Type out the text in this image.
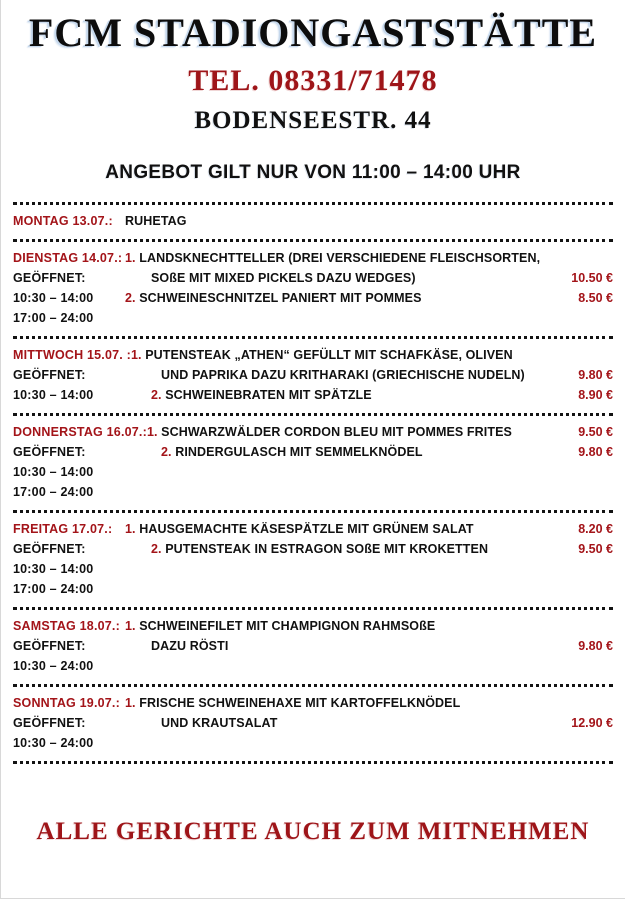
FCM STADIONGASTSTÄTTE
TEL. 08331/71478
BODENSEESTR. 44
ANGEBOT GILT NUR VON 11:00 – 14:00 UHR
MONTAG 13.07.: RUHETAG
DIENSTAG 14.07.: 1. LANDSKNECHTTELLER (DREI VERSCHIEDENE FLEISCHSORTEN,
GEÖFFNET:	SOßE MIT MIXED PICKELS DAZU WEDGES)	10.50 €
10:30 – 14:00	2. SCHWEINESCHNITZEL PANIERT MIT POMMES	8.50 €
17:00 – 24:00
MITTWOCH 15.07. : 1. PUTENSTEAK „ATHEN“ GEFÜLLT MIT SCHAFKÄSE, OLIVEN
GEÖFFNET:	UND PAPRIKA DAZU KRITHARAKI (GRIECHISCHE NUDELN)	9.80 €
10:30 – 14:00	2. SCHWEINEBRATEN MIT SPÄTZLE	8.90 €
DONNERSTAG 16.07.: 1. SCHWARZWÄLDER CORDON BLEU MIT POMMES FRITES	9.50 €
GEÖFFNET:	2. RINDERGULASCH MIT SEMMELKNÖDEL	9.80 €
10:30 – 14:00
17:00 – 24:00
FREITAG 17.07.:	1. HAUSGEMACHTE KÄSESPÄTZLE MIT GRÜNEM SALAT	8.20 €
GEÖFFNET:	2. PUTENSTEAK IN ESTRAGON SOßE MIT KROKETTEN	9.50 €
10:30 – 14:00
17:00 – 24:00
SAMSTAG 18.07.: 1. SCHWEINEFILET MIT CHAMPIGNON RAHMSOßE
GEÖFFNET:	DAZU RÖSTI	9.80 €
10:30 – 24:00
SONNTAG 19.07.: 1. FRISCHE SCHWEINEHAXE MIT KARTOFFELKNÖDEL
GEÖFFNET:	UND KRAUTSALAT	12.90 €
10:30 – 24:00
ALLE GERICHTE AUCH ZUM MITNEHMEN
